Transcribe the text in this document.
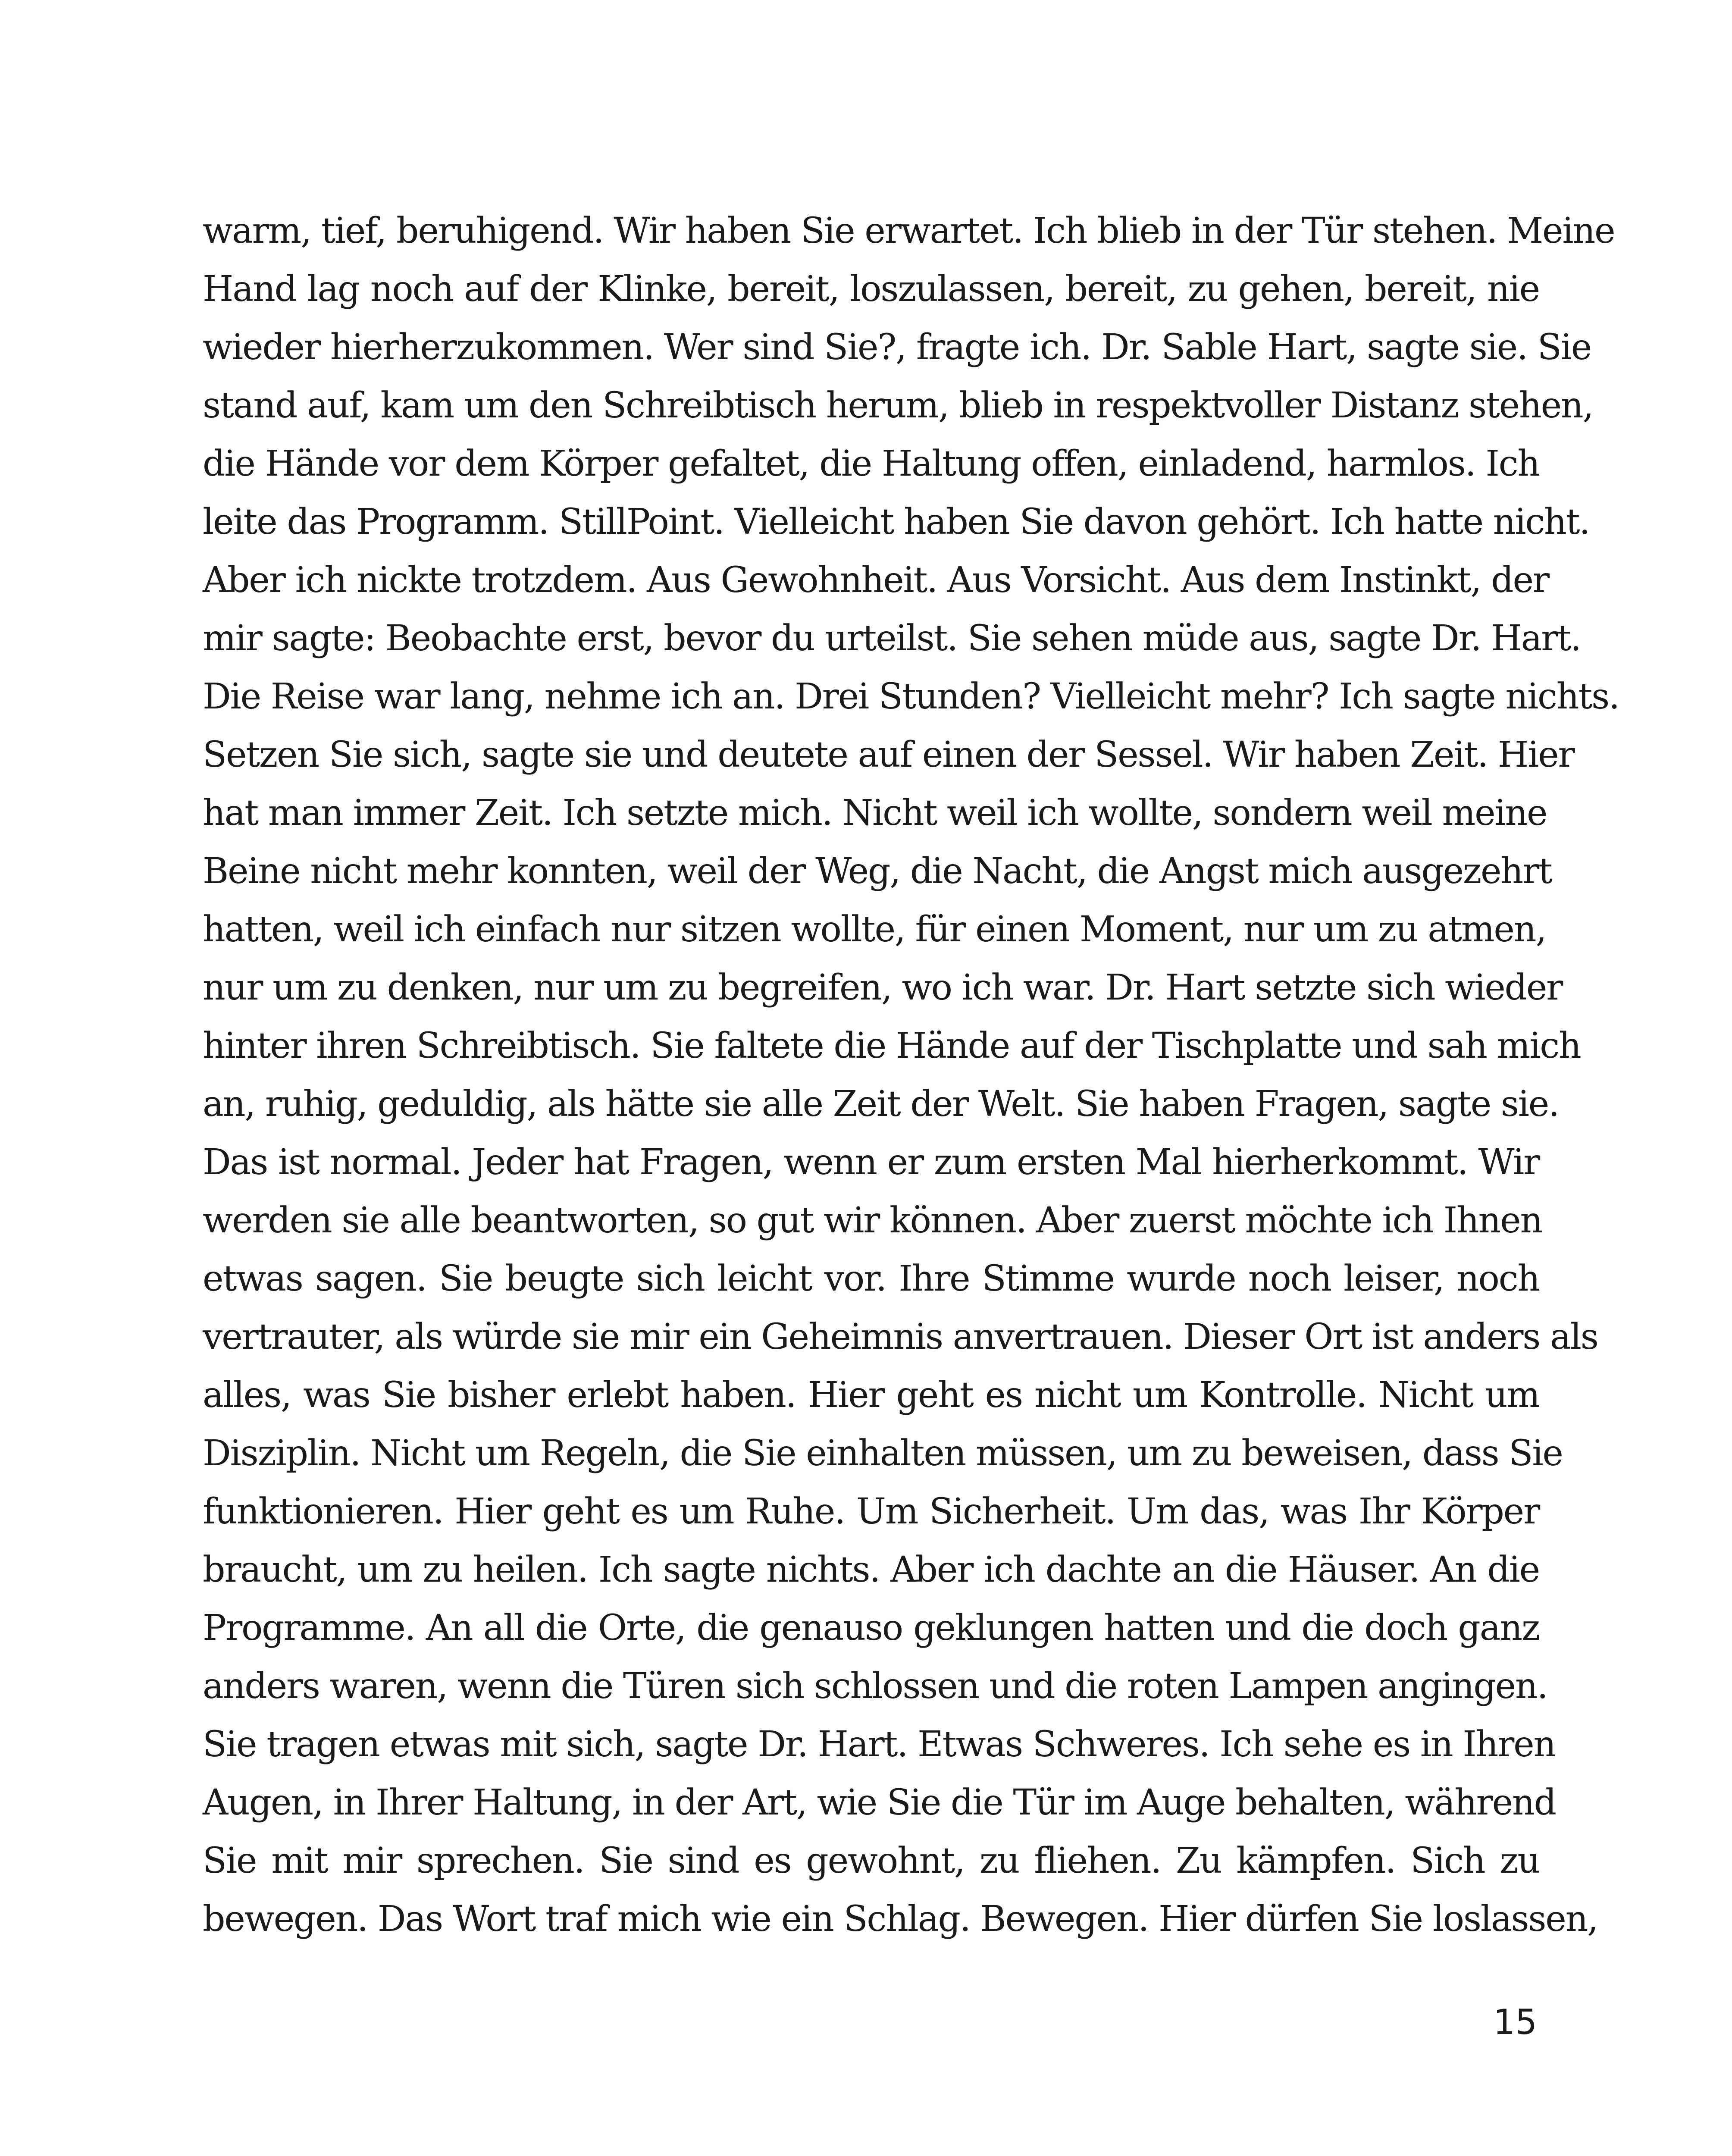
warm, tief, beruhigend. Wir haben Sie erwartet. Ich blieb in der Tür stehen. Meine
Hand lag noch auf der Klinke, bereit, loszulassen, bereit, zu gehen, bereit, nie
wieder hierherzukommen. Wer sind Sie?, fragte ich. Dr. Sable Hart, sagte sie. Sie
stand auf, kam um den Schreibtisch herum, blieb in respektvoller Distanz stehen,
die Hände vor dem Körper gefaltet, die Haltung offen, einladend, harmlos. Ich
leite das Programm. StillPoint. Vielleicht haben Sie davon gehört. Ich hatte nicht.
Aber ich nickte trotzdem. Aus Gewohnheit. Aus Vorsicht. Aus dem Instinkt, der
mir sagte: Beobachte erst, bevor du urteilst. Sie sehen müde aus, sagte Dr. Hart.
Die Reise war lang, nehme ich an. Drei Stunden? Vielleicht mehr? Ich sagte nichts.
Setzen Sie sich, sagte sie und deutete auf einen der Sessel. Wir haben Zeit. Hier
hat man immer Zeit. Ich setzte mich. Nicht weil ich wollte, sondern weil meine
Beine nicht mehr konnten, weil der Weg, die Nacht, die Angst mich ausgezehrt
hatten, weil ich einfach nur sitzen wollte, für einen Moment, nur um zu atmen,
nur um zu denken, nur um zu begreifen, wo ich war. Dr. Hart setzte sich wieder
hinter ihren Schreibtisch. Sie faltete die Hände auf der Tischplatte und sah mich
an, ruhig, geduldig, als hätte sie alle Zeit der Welt. Sie haben Fragen, sagte sie.
Das ist normal. Jeder hat Fragen, wenn er zum ersten Mal hierherkommt. Wir
werden sie alle beantworten, so gut wir können. Aber zuerst möchte ich Ihnen
etwas sagen. Sie beugte sich leicht vor. Ihre Stimme wurde noch leiser, noch
vertrauter, als würde sie mir ein Geheimnis anvertrauen. Dieser Ort ist anders als
alles, was Sie bisher erlebt haben. Hier geht es nicht um Kontrolle. Nicht um
Disziplin. Nicht um Regeln, die Sie einhalten müssen, um zu beweisen, dass Sie
funktionieren. Hier geht es um Ruhe. Um Sicherheit. Um das, was Ihr Körper
braucht, um zu heilen. Ich sagte nichts. Aber ich dachte an die Häuser. An die
Programme. An all die Orte, die genauso geklungen hatten und die doch ganz
anders waren, wenn die Türen sich schlossen und die roten Lampen angingen.
Sie tragen etwas mit sich, sagte Dr. Hart. Etwas Schweres. Ich sehe es in Ihren
Augen, in Ihrer Haltung, in der Art, wie Sie die Tür im Auge behalten, während
Sie mit mir sprechen. Sie sind es gewohnt, zu fliehen. Zu kämpfen. Sich zu
bewegen. Das Wort traf mich wie ein Schlag. Bewegen. Hier dürfen Sie loslassen,
15
